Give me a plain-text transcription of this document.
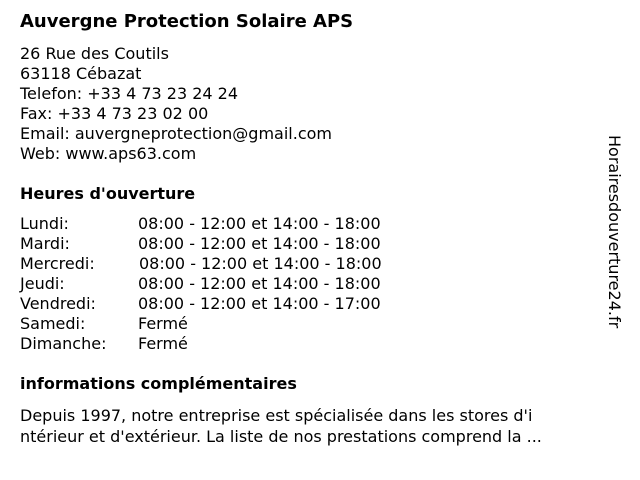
Auvergne Protection Solaire APS
26 Rue des Coutils
63118 Cébazat
Telefon: +33 4 73 23 24 24
Fax: +33 4 73 23 02 00
Email: auvergneprotection@gmail.com
Web: www.aps63.com
Heures d'ouverture
Lundi:	08:00 - 12:00 et 14:00 - 18:00
Mardi:	08:00 - 12:00 et 14:00 - 18:00
Mercredi:	08:00 - 12:00 et 14:00 - 18:00
Jeudi:	08:00 - 12:00 et 14:00 - 18:00
Vendredi:	08:00 - 12:00 et 14:00 - 17:00
Samedi:	Fermé
Dimanche: Fermé
informations complémentaires
Depuis 1997, notre entreprise est spécialisée dans les stores d'i
ntérieur et d'extérieur. La liste de nos prestations comprend la ...
Horairesdouverture24.fr
